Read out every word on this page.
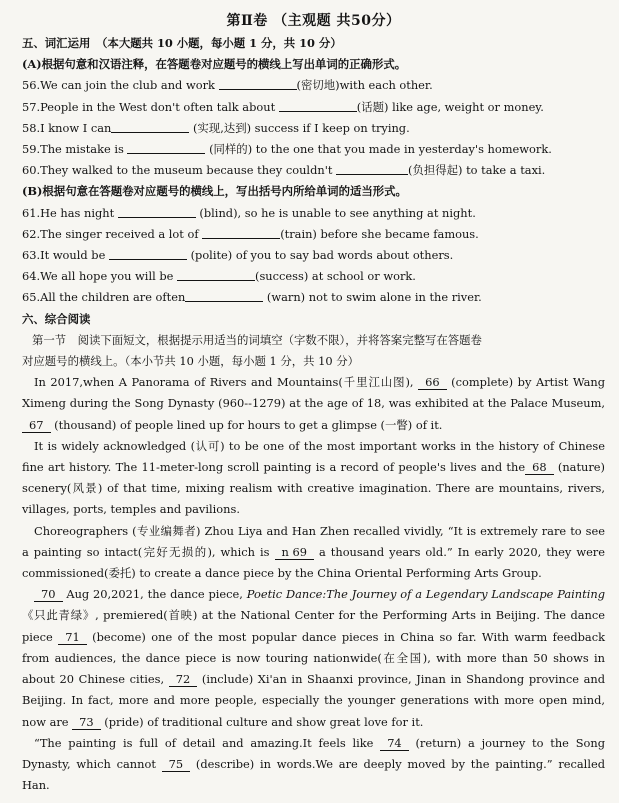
第Ⅱ卷 （主观题 共50分）
五、词汇运用　（本大题共 10 小题，每小题 1 分，共 10 分）
(A)根据句意和汉语注释，在答题卷对应题号的横线上写出单词的正确形式。
56.We can join the club and work	(密切地)with each other.
57.People in the West don't often talk about	(话题) like age, weight or money.
58.I know I can	(实现,达到) success if I keep on trying.
59.The mistake is	(同样的) to the one that you made in yesterday's homework.
60.They walked to the museum because they couldn't	(负担得起) to take a taxi.
(B)根据句意在答题卷对应题号的横线上，写出括号内所给单词的适当形式。
61.He has night	(blind), so he is unable to see anything at night.
62.The singer received a lot of	(train) before she became famous.
63.It would be	(polite) of you to say bad words about others.
64.We all hope you will be	(success) at school or work.
65.All the children are often	(warn) not to swim alone in the river.
六、综合阅读
第一节　阅读下面短文，根据提示用适当的词填空（字数不限），并将答案完整写在答题卷
对应题号的横线上。（本小节共 10 小题，每小题 1 分，共 10 分）
In 2017,when A Panorama of Rivers and Mountains(千里江山图), 66 (complete) by Artist Wang Ximeng during the Song Dynasty (960--1279) at the age of 18, was exhibited at the Palace Museum, 67 (thousand) of people lined up for hours to get a glimpse (一瞥) of it.
It is widely acknowledged (认可) to be one of the most important works in the history of Chinese fine art history. The 11-meter-long scroll painting is a record of people's lives and the 68 (nature) scenery(风景) of that time, mixing realism with creative imagination. There are mountains, rivers, villages, ports, temples and pavilions.
Choreographers (专业编舞者) Zhou Liya and Han Zhen recalled vividly, “It is extremely rare to see a painting so intact(完好无损的), which is n 69 a thousand years old.” In early 2020, they were commissioned(委托) to create a dance piece by the China Oriental Performing Arts Group.
70 Aug 20,2021, the dance piece, Poetic Dance:The Journey of a Legendary Landscape Painting《只此青绿》, premiered(首映) at the National Center for the Performing Arts in Beijing. The dance piece 71 (become) one of the most popular dance pieces in China so far. With warm feedback from audiences, the dance piece is now touring nationwide(在全国), with more than 50 shows in about 20 Chinese cities, 72 (include) Xi'an in Shaanxi province, Jinan in Shandong province and Beijing. In fact, more and more people, especially the younger generations with more open mind, now are 73 (pride) of traditional culture and show great love for it.
“The painting is full of detail and amazing.It feels like 74 (return) a journey to the Song Dynasty, which cannot 75 (describe) in words.We are deeply moved by the painting.” recalled Han.
